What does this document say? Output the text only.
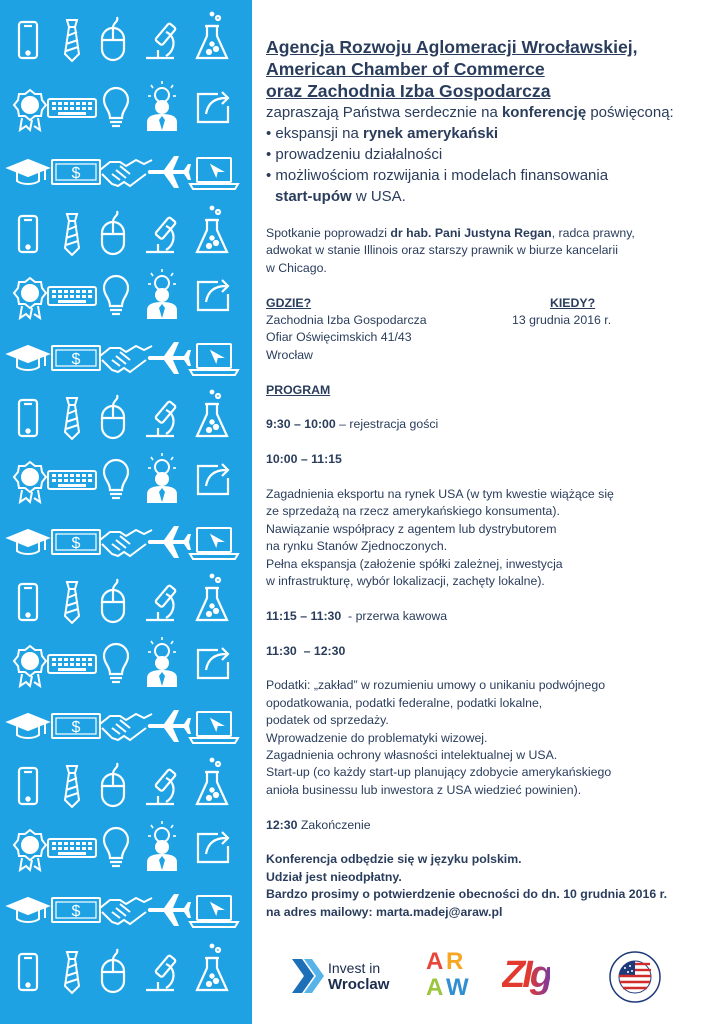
$
$
$
$
$
Agencja Rozwoju Aglomeracji Wrocławskiej,
American Chamber of Commerce
oraz Zachodnia Izba Gospodarcza
zapraszają Państwa serdecznie na konferencję poświęconą:
• ekspansji na rynek amerykański
• prowadzeniu działalności
• możliwościom rozwijania i modelach finansowania
start-upów w USA.
Spotkanie poprowadzi dr hab. Pani Justyna Regan, radca prawny,
adwokat w stanie Illinois oraz starszy prawnik w biurze kancelarii
w Chicago.
GDZIE?
Zachodnia Izba Gospodarcza
Ofiar Oświęcimskich 41/43
Wrocław
KIEDY?
13 grudnia 2016 r.
PROGRAM
9:30 – 10:00 – rejestracja gości
10:00 – 11:15
Zagadnienia eksportu na rynek USA (w tym kwestie wiążące się
ze sprzedażą na rzecz amerykańskiego konsumenta).
Nawiązanie współpracy z agentem lub dystrybutorem
na rynku Stanów Zjednoczonych.
Pełna ekspansja (założenie spółki zależnej, inwestycja
w infrastrukturę, wybór lokalizacji, zachęty lokalne).
11:15 – 11:30  - przerwa kawowa
11:30  – 12:30
Podatki: „zakład” w rozumieniu umowy o unikaniu podwójnego
opodatkowania, podatki federalne, podatki lokalne,
podatek od sprzedaży.
Wprowadzenie do problematyki wizowej.
Zagadnienia ochrony własności intelektualnej w USA.
Start-up (co każdy start-up planujący zdobycie amerykańskiego
anioła businessu lub inwestora z USA wiedzieć powinien).
12:30 Zakończenie
Konferencja odbędzie się w języku polskim.
Udział jest nieodpłatny.
Bardzo prosimy o potwierdzenie obecności do dn. 10 grudnia 2016 r.
na adres mailowy: marta.madej@araw.pl
Invest in
Wroclaw
A R
A W ZIg
